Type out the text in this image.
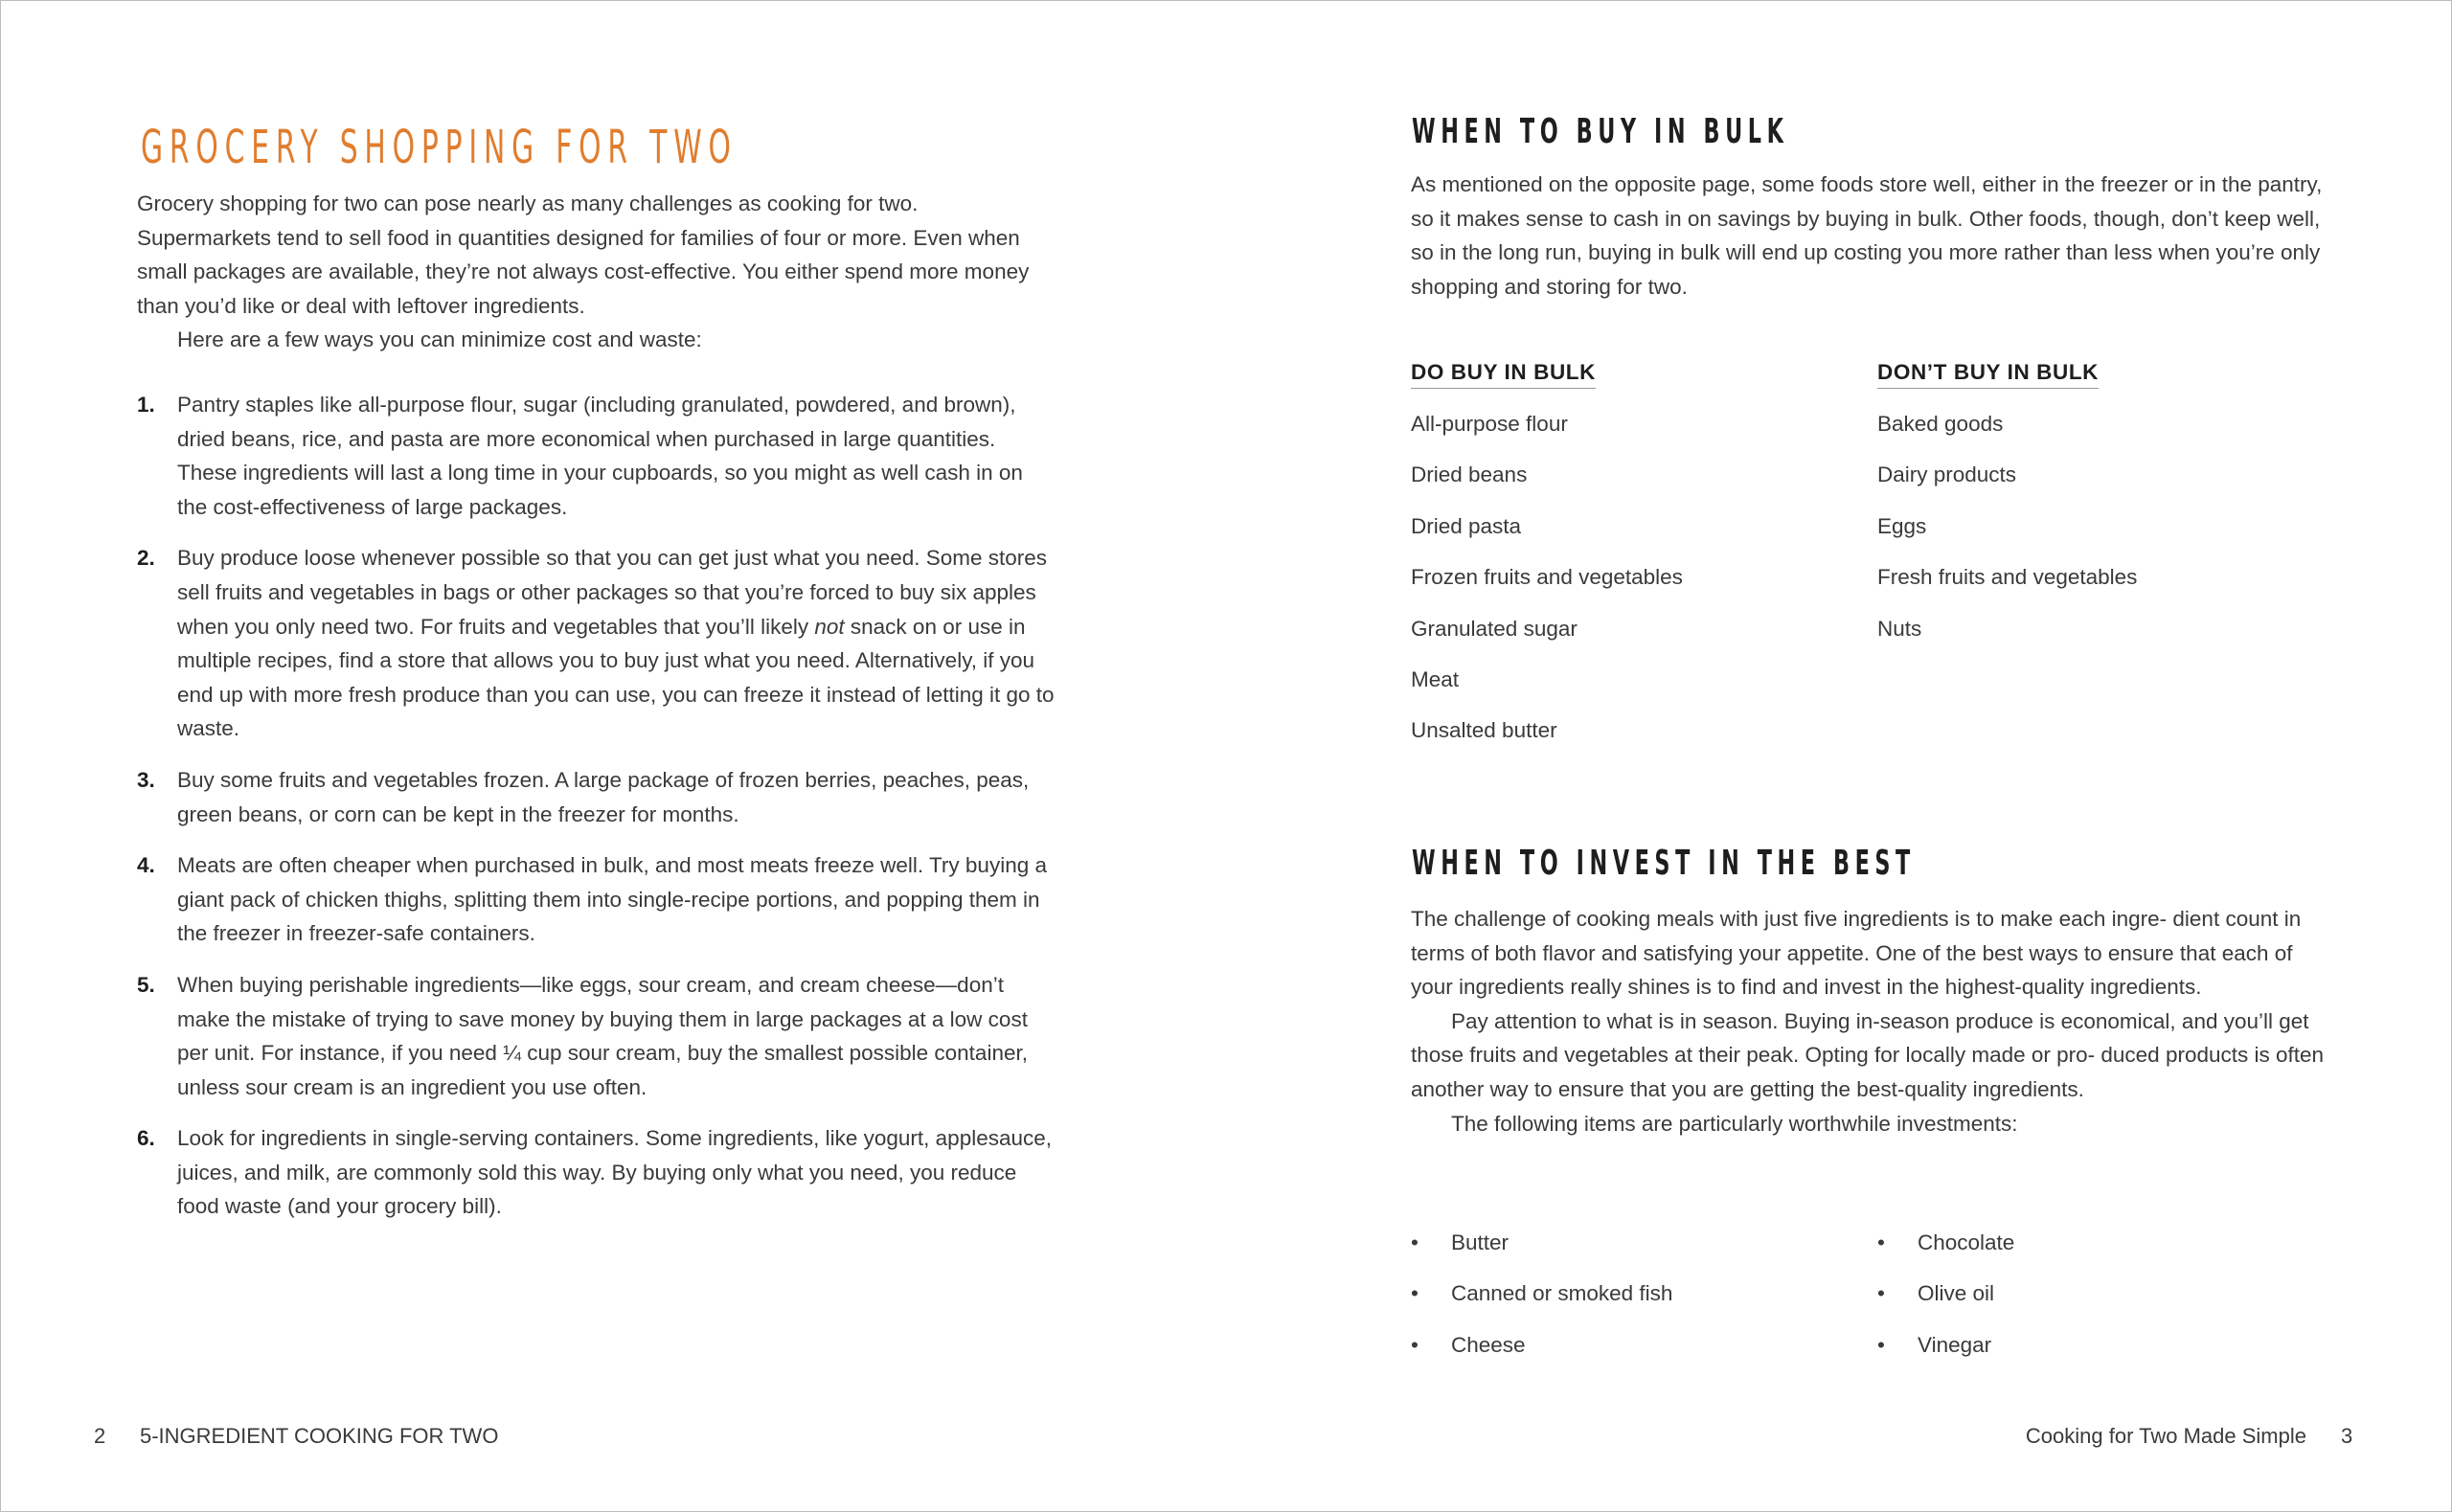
GROCERY SHOPPING FOR TWO

Grocery shopping for two can pose nearly as many challenges as cooking for two. Supermarkets tend to sell food in quantities designed for families of four or more. Even when small packages are available, they’re not always cost-effective. You either spend more money than you’d like or deal with leftover ingredients.

Here are a few ways you can minimize cost and waste:

1. Pantry staples like all-purpose flour, sugar (including granulated, powdered, and brown), dried beans, rice, and pasta are more economical when purchased in large quantities. These ingredients will last a long time in your cupboards, so you might as well cash in on the cost-effectiveness of large packages.
2. Buy produce loose whenever possible so that you can get just what you need. Some stores sell fruits and vegetables in bags or other packages so that you’re forced to buy six apples when you only need two. For fruits and vegetables that you’ll likely not snack on or use in multiple recipes, find a store that allows you to buy just what you need. Alternatively, if you end up with more fresh produce than you can use, you can freeze it instead of letting it go to waste.
3. Buy some fruits and vegetables frozen. A large package of frozen berries, peaches, peas, green beans, or corn can be kept in the freezer for months.
4. Meats are often cheaper when purchased in bulk, and most meats freeze well. Try buying a giant pack of chicken thighs, splitting them into single-recipe portions, and popping them in the freezer in freezer-safe containers.
5. When buying perishable ingredients—like eggs, sour cream, and cream cheese—don’t make the mistake of trying to save money by buying them in large packages at a low cost per unit. For instance, if you need ¼ cup sour cream, buy the smallest possible container, unless sour cream is an ingredient you use often.
6. Look for ingredients in single-serving containers. Some ingredients, like yogurt, applesauce, juices, and milk, are commonly sold this way. By buying only what you need, you reduce food waste (and your grocery bill).
2 5-INGREDIENT COOKING FOR TWO
WHEN TO BUY IN BULK

As mentioned on the opposite page, some foods store well, either in the freezer or in the pantry, so it makes sense to cash in on savings by buying in bulk. Other foods, though, don’t keep well, so in the long run, buying in bulk will end up costing you more rather than less when you’re only shopping and storing for two.

DO BUY IN BULK	DON’T BUY IN BULK
All-purpose flour
Dried beans
Dried pasta
Frozen fruits and vegetables
Granulated sugar
Meat
Unsalted butter
Baked goods
Dairy products
Eggs
Fresh fruits and vegetables
Nuts
WHEN TO INVEST IN THE BEST

The challenge of cooking meals with just five ingredients is to make each ingre- dient count in terms of both flavor and satisfying your appetite. One of the best ways to ensure that each of your ingredients really shines is to find and invest in the highest-quality ingredients.

Pay attention to what is in season. Buying in-season produce is economical, and you’ll get those fruits and vegetables at their peak. Opting for locally made or pro- duced products is often another way to ensure that you are getting the best-quality ingredients.

The following items are particularly worthwhile investments:

• Butter
• Canned or smoked fish
• Cheese
• Chocolate
• Olive oil
• Vinegar
Cooking for Two Made Simple 3
